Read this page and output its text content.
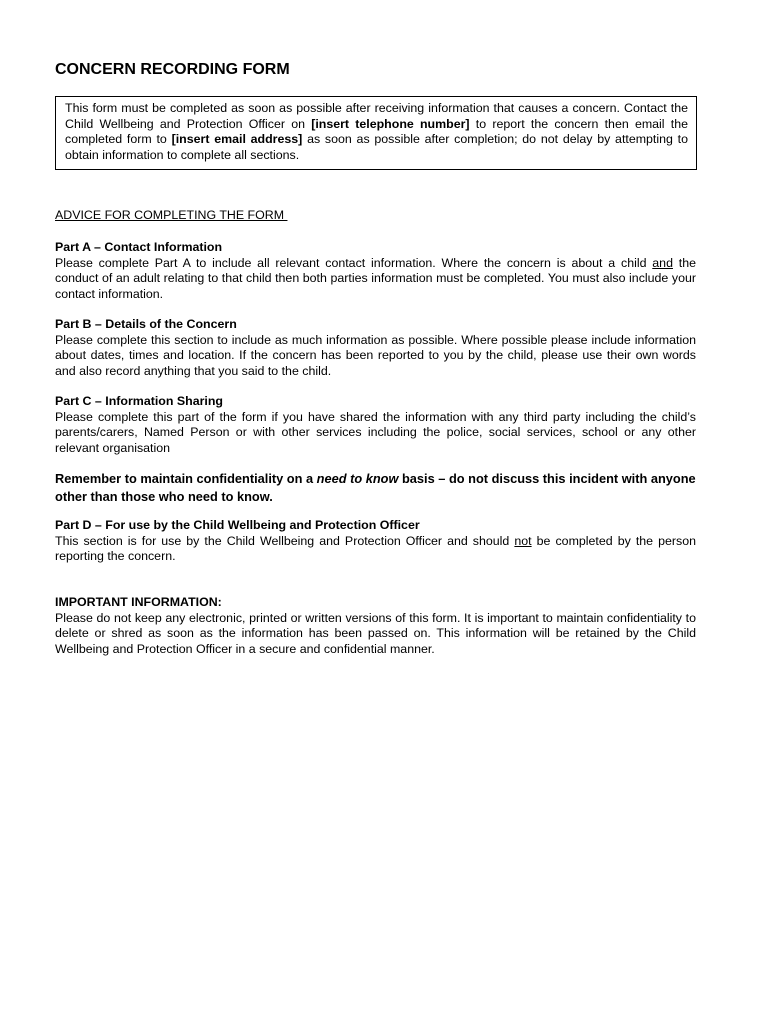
CONCERN RECORDING FORM
This form must be completed as soon as possible after receiving information that causes a concern. Contact the Child Wellbeing and Protection Officer on [insert telephone number] to report the concern then email the completed form to [insert email address] as soon as possible after completion; do not delay by attempting to obtain information to complete all sections.
ADVICE FOR COMPLETING THE FORM
Part A – Contact Information
Please complete Part A to include all relevant contact information. Where the concern is about a child and the conduct of an adult relating to that child then both parties information must be completed. You must also include your contact information.
Part B – Details of the Concern
Please complete this section to include as much information as possible. Where possible please include information about dates, times and location. If the concern has been reported to you by the child, please use their own words and also record anything that you said to the child.
Part C – Information Sharing
Please complete this part of the form if you have shared the information with any third party including the child’s parents/carers, Named Person or with other services including the police, social services, school or any other relevant organisation
Remember to maintain confidentiality on a need to know basis – do not discuss this incident with anyone other than those who need to know.
Part D – For use by the Child Wellbeing and Protection Officer
This section is for use by the Child Wellbeing and Protection Officer and should not be completed by the person reporting the concern.
IMPORTANT INFORMATION:
Please do not keep any electronic, printed or written versions of this form. It is important to maintain confidentiality to delete or shred as soon as the information has been passed on. This information will be retained by the Child Wellbeing and Protection Officer in a secure and confidential manner.
